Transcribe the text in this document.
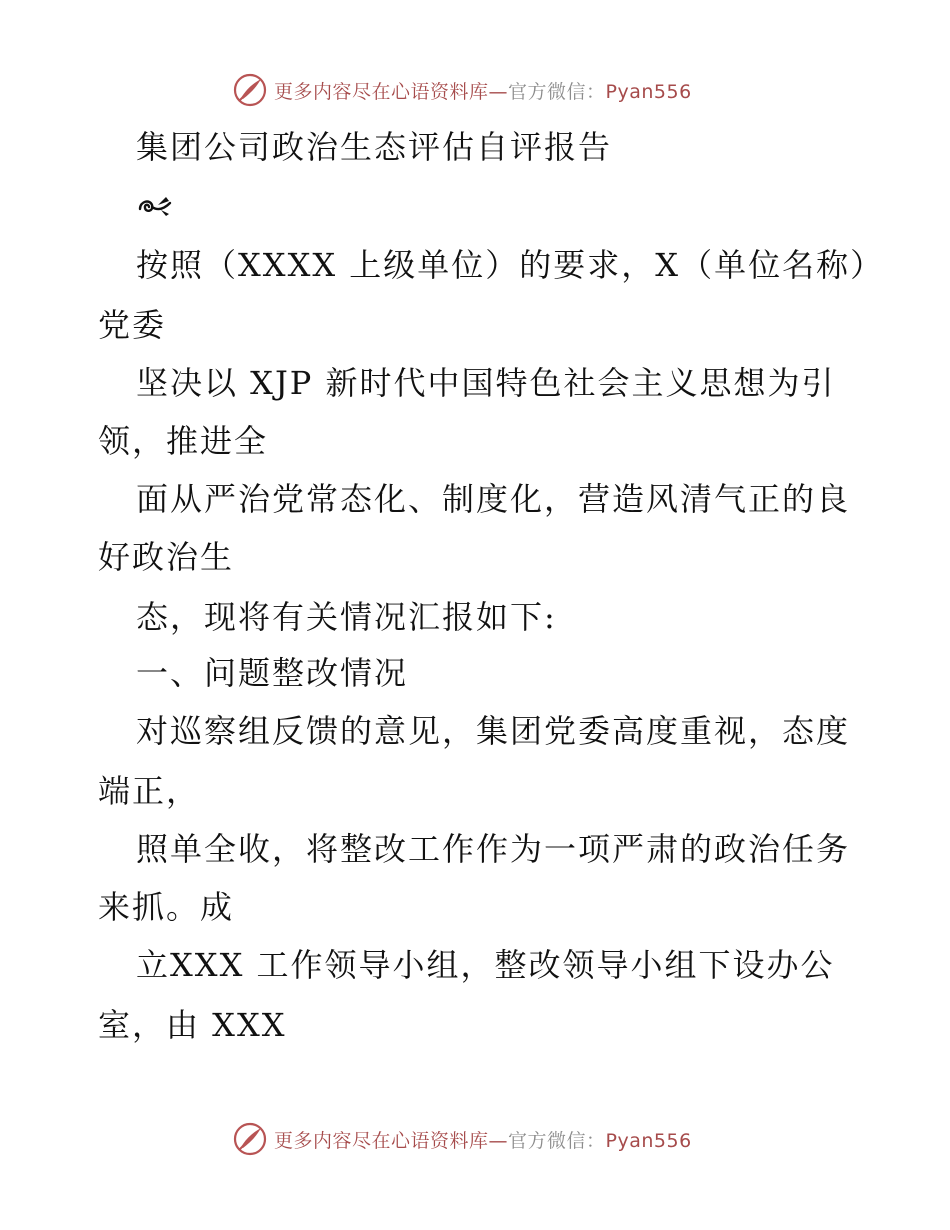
更多内容尽在心语资料库—官方微信：Pyan556
集团公司政治生态评估自评报告
按照（XXXX 上级单位）的要求，X（单位名称）
党委
坚决以 XJP 新时代中国特色社会主义思想为引
领，推进全
面从严治党常态化、制度化，营造风清气正的良
好政治生
态，现将有关情况汇报如下:
一、问题整改情况
对巡察组反馈的意见，集团党委高度重视，态度
端正，
照单全收，将整改工作作为一项严肃的政治任务
来抓。成
立XXX 工作领导小组，整改领导小组下设办公
室，由 XXX
更多内容尽在心语资料库—官方微信：Pyan556
